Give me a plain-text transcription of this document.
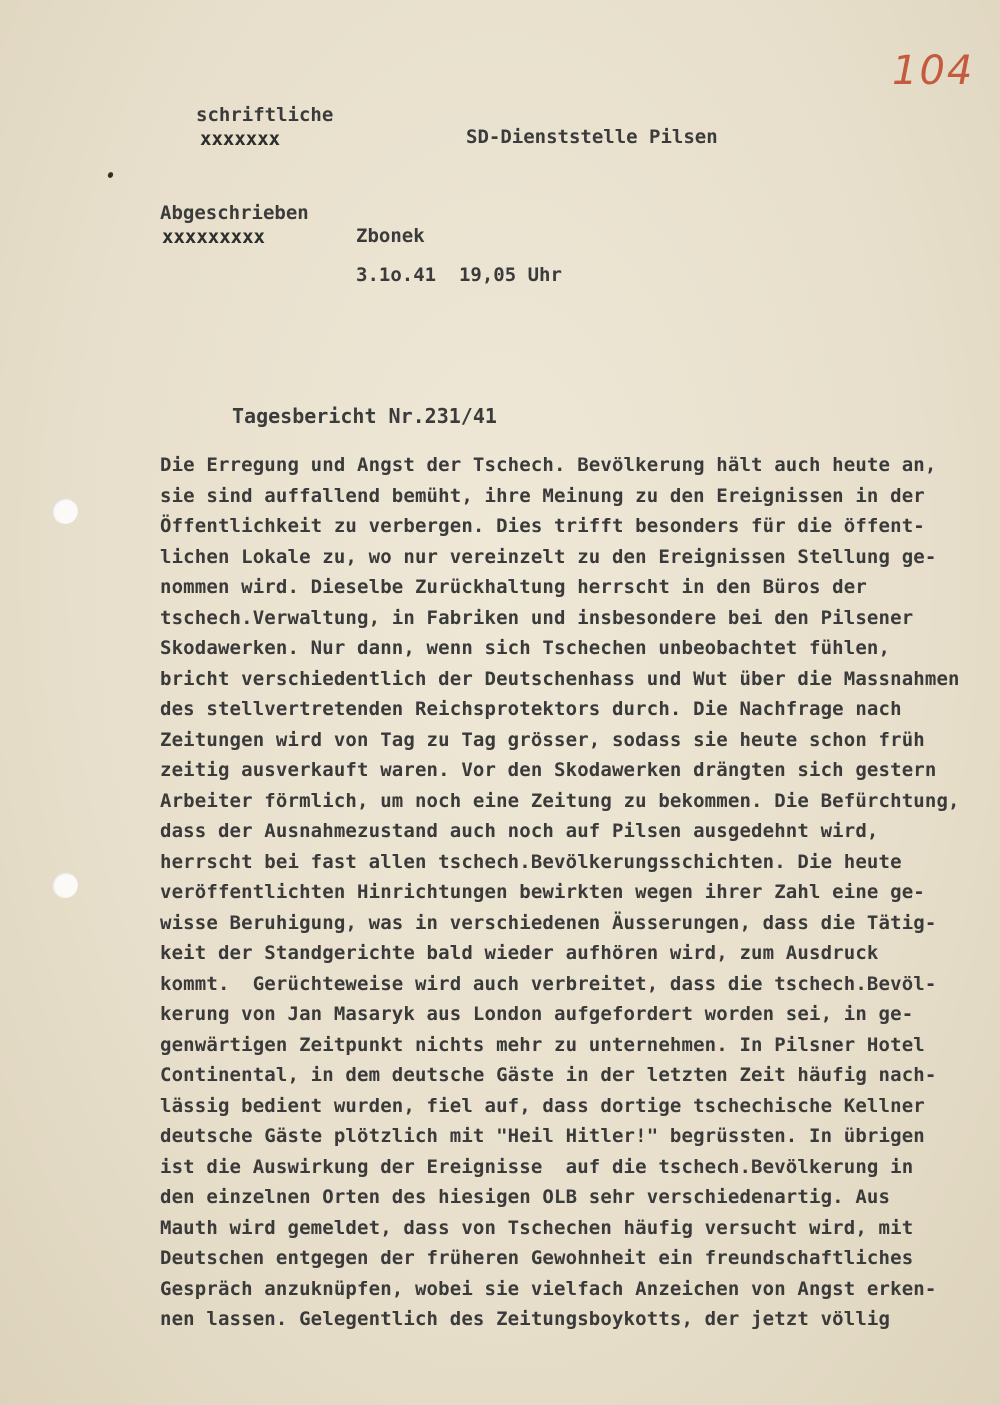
104
schriftliche
xxxxxxx	SD-Dienststelle Pilsen
Abgeschrieben
xxxxxxxxx	Zbonek
3.1o.41  19,05 Uhr
Tagesbericht Nr.231/41
Die Erregung und Angst der Tschech. Bevölkerung hält auch heute an,
sie sind auffallend bemüht, ihre Meinung zu den Ereignissen in der
Öffentlichkeit zu verbergen. Dies trifft besonders für die öffent-
lichen Lokale zu, wo nur vereinzelt zu den Ereignissen Stellung ge-
nommen wird. Dieselbe Zurückhaltung herrscht in den Büros der
tschech.Verwaltung, in Fabriken und insbesondere bei den Pilsener
Skodawerken. Nur dann, wenn sich Tschechen unbeobachtet fühlen,
bricht verschiedentlich der Deutschenhass und Wut über die Massnahmen
des stellvertretenden Reichsprotektors durch. Die Nachfrage nach
Zeitungen wird von Tag zu Tag grösser, sodass sie heute schon früh
zeitig ausverkauft waren. Vor den Skodawerken drängten sich gestern
Arbeiter förmlich, um noch eine Zeitung zu bekommen. Die Befürchtung,
dass der Ausnahmezustand auch noch auf Pilsen ausgedehnt wird,
herrscht bei fast allen tschech.Bevölkerungsschichten. Die heute
veröffentlichten Hinrichtungen bewirkten wegen ihrer Zahl eine ge-
wisse Beruhigung, was in verschiedenen Äusserungen, dass die Tätig-
keit der Standgerichte bald wieder aufhören wird, zum Ausdruck
kommt.  Gerüchteweise wird auch verbreitet, dass die tschech.Bevöl-
kerung von Jan Masaryk aus London aufgefordert worden sei, in ge-
genwärtigen Zeitpunkt nichts mehr zu unternehmen. In Pilsner Hotel
Continental, in dem deutsche Gäste in der letzten Zeit häufig nach-
lässig bedient wurden, fiel auf, dass dortige tschechische Kellner
deutsche Gäste plötzlich mit "Heil Hitler!" begrüssten. In übrigen
ist die Auswirkung der Ereignisse  auf die tschech.Bevölkerung in
den einzelnen Orten des hiesigen OLB sehr verschiedenartig. Aus
Mauth wird gemeldet, dass von Tschechen häufig versucht wird, mit
Deutschen entgegen der früheren Gewohnheit ein freundschaftliches
Gespräch anzuknüpfen, wobei sie vielfach Anzeichen von Angst erken-
nen lassen. Gelegentlich des Zeitungsboykotts, der jetzt völlig
